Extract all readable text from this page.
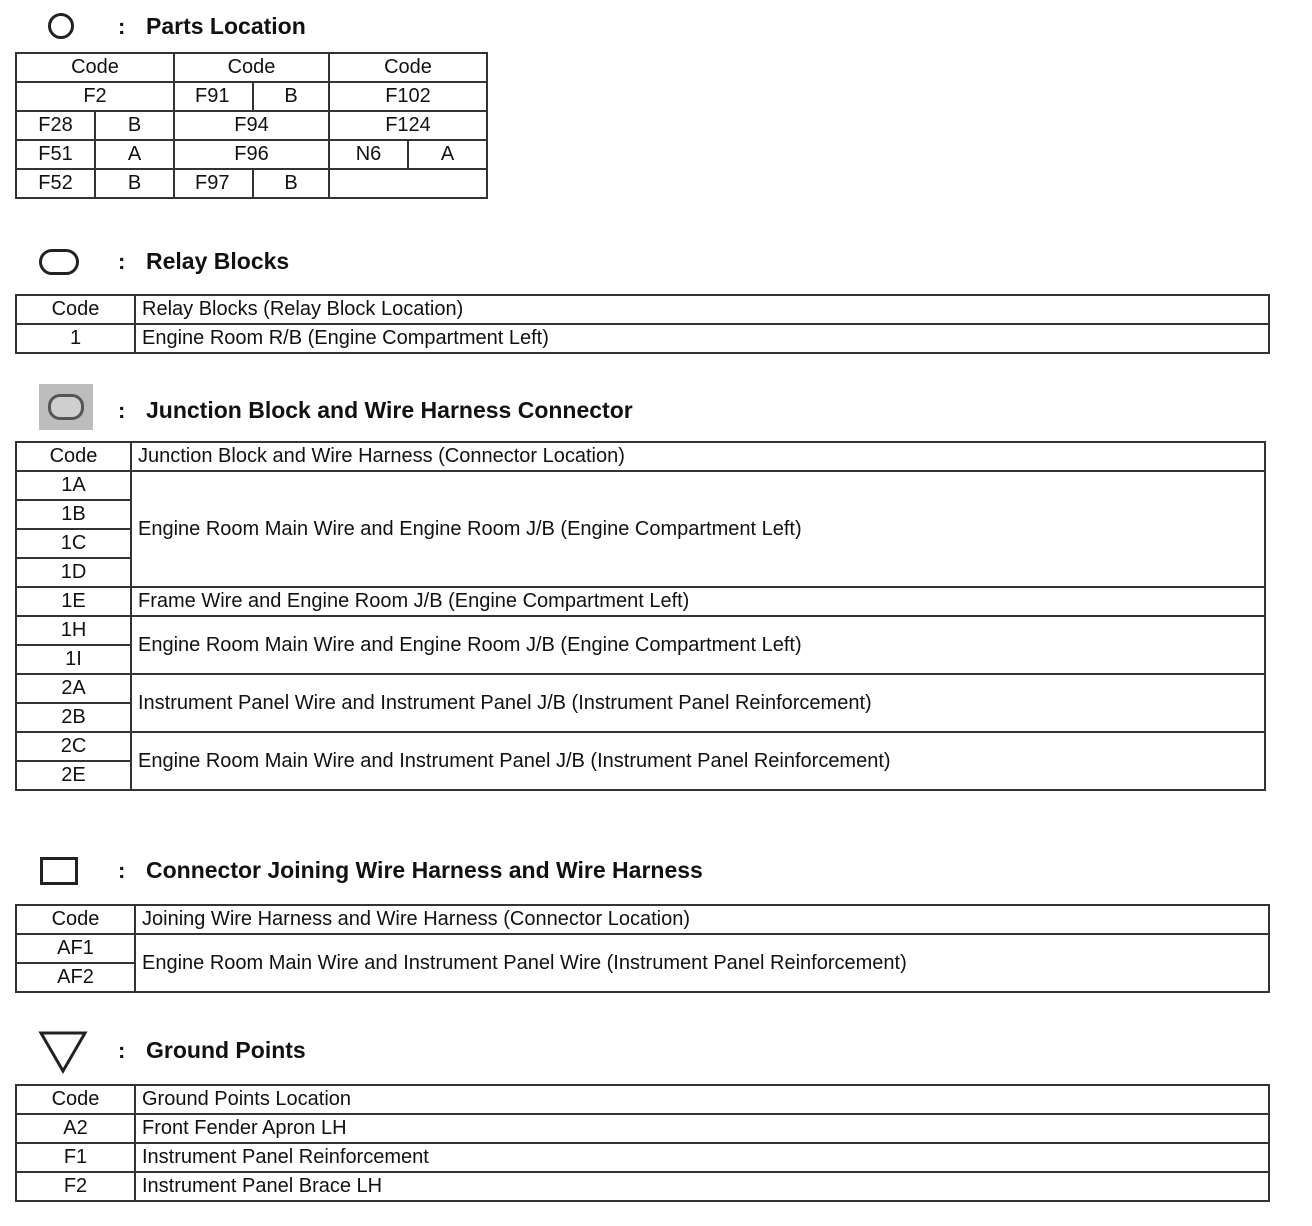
: Parts Location
Code		Code		Code	
F2		F91	B	F102	
F28	B	F94		F124	
F51	A	F96		N6	A
F52	B	F97	B		
: Relay Blocks
Code	Relay Blocks (Relay Block Location)
1	Engine Room R/B (Engine Compartment Left)
: Junction Block and Wire Harness Connector
Code	Junction Block and Wire Harness (Connector Location)
1A	Engine Room Main Wire and Engine Room J/B (Engine Compartment Left)
1B	
1C	
1D	
1E	Frame Wire and Engine Room J/B (Engine Compartment Left)
1H	Engine Room Main Wire and Engine Room J/B (Engine Compartment Left)
1I	
2A	Instrument Panel Wire and Instrument Panel J/B (Instrument Panel Reinforcement)
2B	
2C	Engine Room Main Wire and Instrument Panel J/B (Instrument Panel Reinforcement)
2E	
: Connector Joining Wire Harness and Wire Harness
Code	Joining Wire Harness and Wire Harness (Connector Location)
AF1	Engine Room Main Wire and Instrument Panel Wire (Instrument Panel Reinforcement)
AF2	
: Ground Points
Code	Ground Points Location
A2	Front Fender Apron LH
F1	Instrument Panel Reinforcement
F2	Instrument Panel Brace LH
